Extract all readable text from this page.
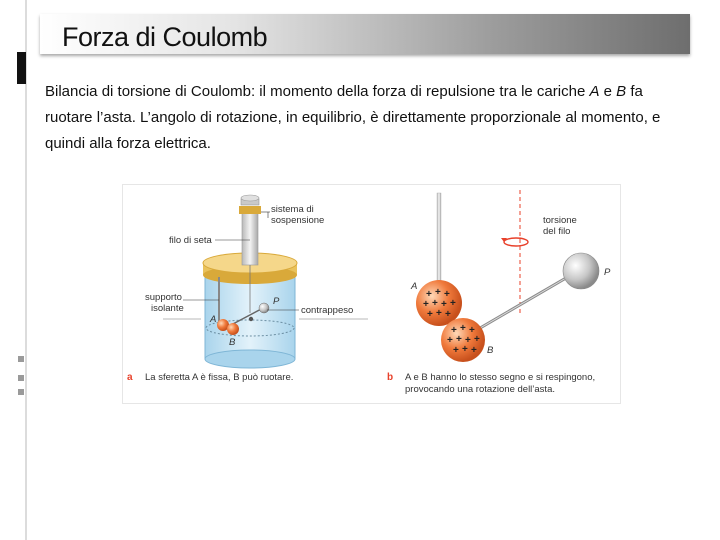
Forza di Coulomb
Bilancia di torsione di Coulomb: il momento della forza di repulsione tra le cariche A e B fa ruotare l’asta. L’angolo di rotazione, in equilibrio, è direttamente proporzionale al momento, e quindi alla forza elettrica.
sistema di
sospensione
filo di seta
supporto
isolante	contrappeso
P
A
B
a La sferetta A è fissa, B può ruotare.
+ + +
+ + + +
+ + +
+ + +
+ + + +
+ + +
torsione
del filo
P
A
B
b A e B hanno lo stesso segno e si respingono,
provocando una rotazione dell’asta.
